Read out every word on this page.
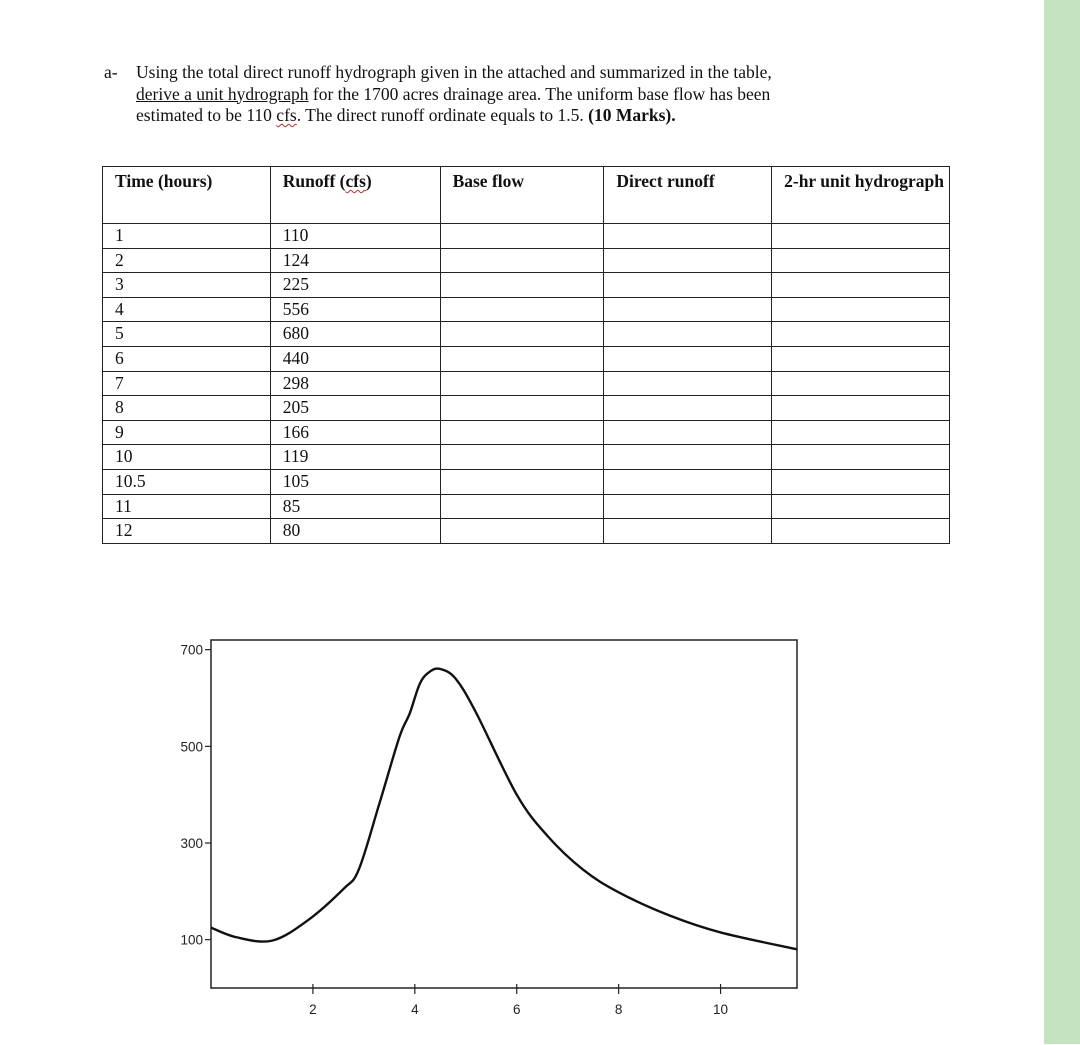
a- Using the total direct runoff hydrograph given in the attached and summarized in the table,
derive a unit hydrograph for the 1700 acres drainage area. The uniform base flow has been
estimated to be 110 cfs. The direct runoff ordinate equals to 1.5. (10 Marks).
Time (hours)	Runoff (cfs)	Base flow	Direct runoff	2-hr unit hydrograph
1	110			
2	124			
3	225			
4	556			
5	680			
6	440			
7	298			
8	205			
9	166			
10	119			
10.5	105			
11	85			
12	80			
100
300
500
700
2	4	6	8	10
